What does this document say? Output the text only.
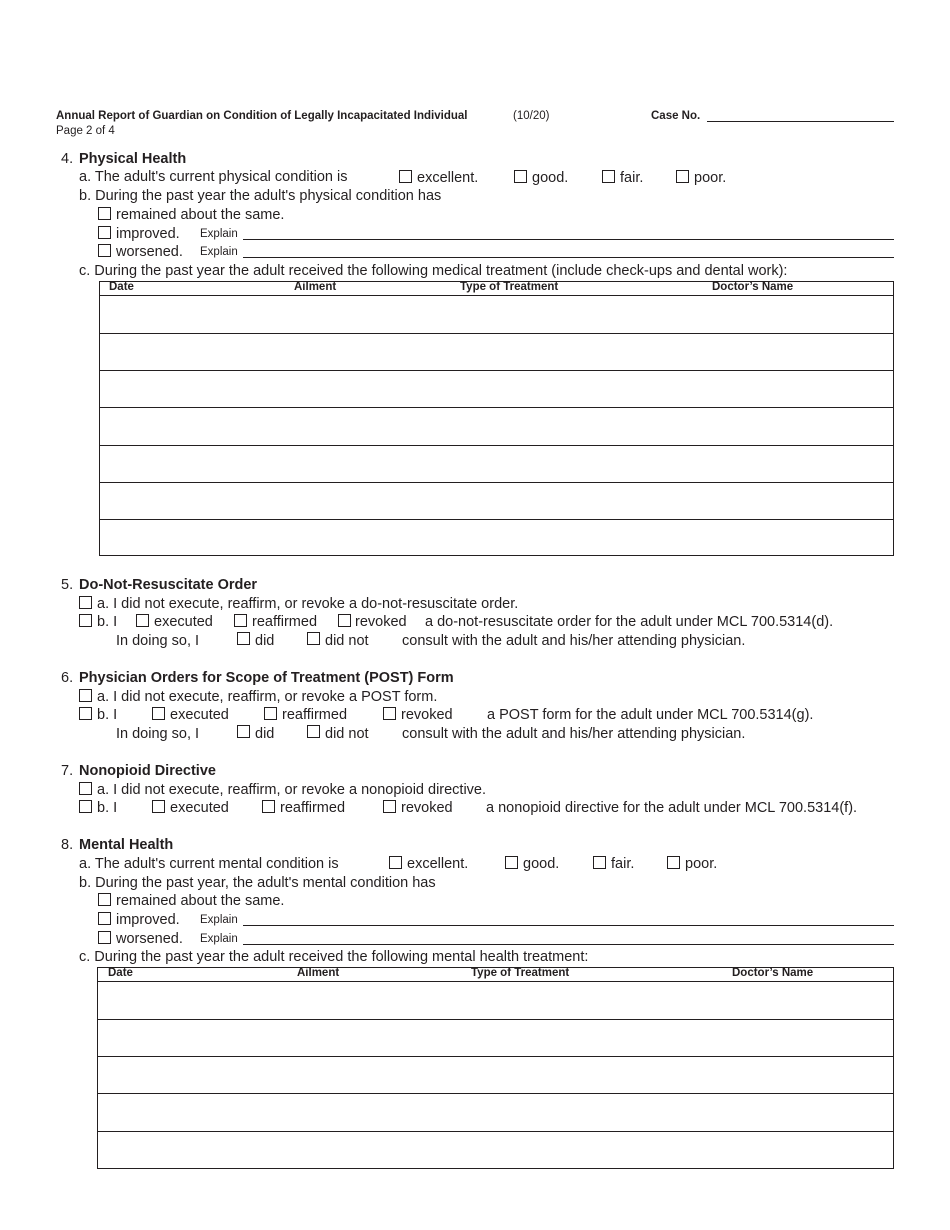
Annual Report of Guardian on Condition of Legally Incapacitated Individual	(10/20)	Case No.
Page 2 of 4
4. Physical Health
a. The adult's current physical condition is	excellent.	good.	fair.	poor.
b. During the past year the adult's physical condition has
remained about the same.
improved. Explain
worsened. Explain
c. During the past year the adult received the following medical treatment (include check-ups and dental work):
Date	Ailment	Type of Treatment	Doctor’s Name
5. Do-Not-Resuscitate Order
a. I did not execute, reaffirm, or revoke a do-not-resuscitate order.
b. I	executed	reaffirmed	revoked a do-not-resuscitate order for the adult under MCL 700.5314(d).
In doing so, I	did	did not consult with the adult and his/her attending physician.
6. Physician Orders for Scope of Treatment (POST) Form
a. I did not execute, reaffirm, or revoke a POST form.
b. I	executed	reaffirmed	revoked a POST form for the adult under MCL 700.5314(g).
In doing so, I	did	did not consult with the adult and his/her attending physician.
7. Nonopioid Directive
a. I did not execute, reaffirm, or revoke a nonopioid directive.
b. I	executed	reaffirmed	revoked a nonopioid directive for the adult under MCL 700.5314(f).
8. Mental Health
a. The adult's current mental condition is	excellent.	good.	fair.	poor.
b. During the past year, the adult's mental condition has
remained about the same.
improved. Explain
worsened. Explain
c. During the past year the adult received the following mental health treatment:
Date	Ailment	Type of Treatment	Doctor’s Name
